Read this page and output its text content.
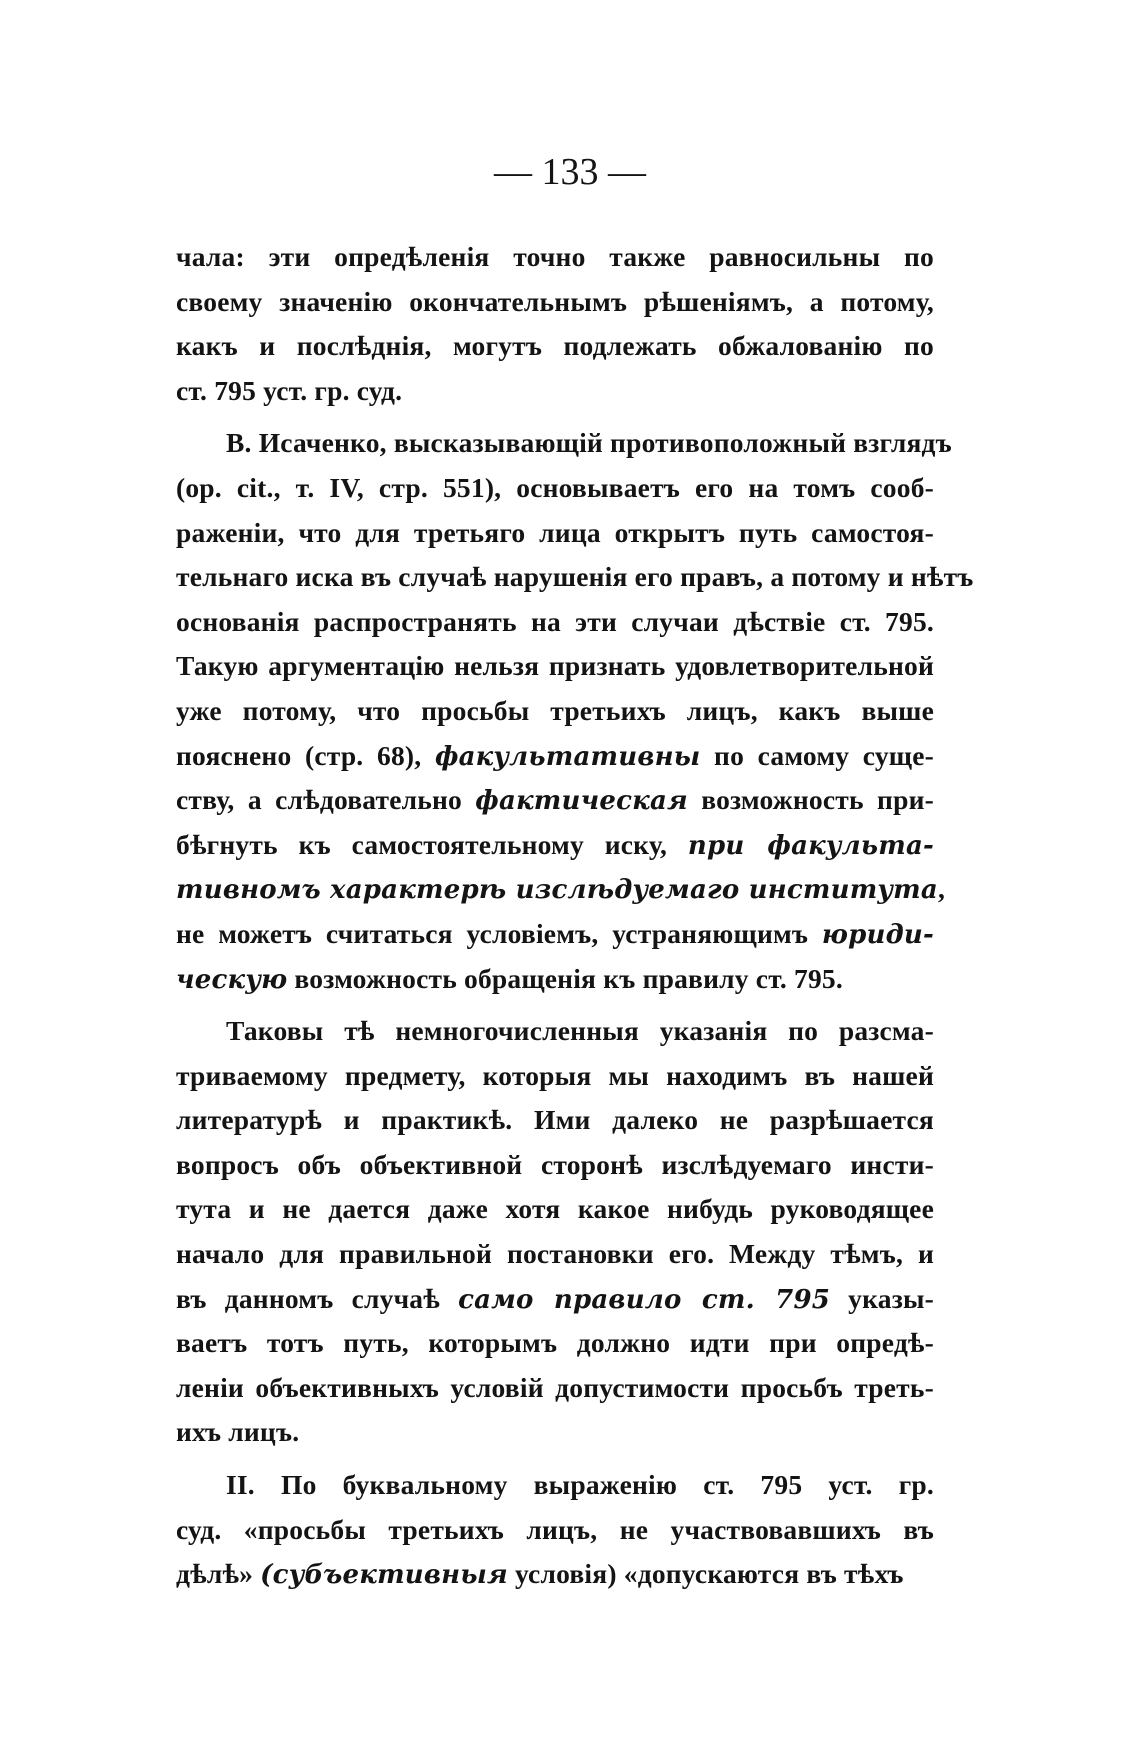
— 133 —
чала: эти опредѣленія точно также равносильны по
своему значенію окончательнымъ рѣшеніямъ, а потому,
какъ и послѣднія, могутъ подлежать обжалованію по
ст. 795 уст. гр. суд.
В. Исаченко, высказывающій противоположный взглядъ
(op. cit., т. IV, стр. 551), основываетъ его на томъ сооб-
раженіи, что для третьяго лица открытъ путь самостоя-
тельнаго иска въ случаѣ нарушенія его правъ, а потому и нѣтъ
основанія распространять на эти случаи дѣствіе ст. 795.
Такую аргументацію нельзя признать удовлетворительной
уже потому, что просьбы третьихъ лицъ, какъ выше
пояснено (стр. 68), факультативны по самому суще-
ству, а слѣдовательно фактическая возможность при-
бѣгнуть къ самостоятельному иску, при факульта-
тивномъ характерѣ изслѣдуемаго института,
не можетъ считаться условіемъ, устраняющимъ юриди-
ческую возможность обращенія къ правилу ст. 795.
Таковы тѣ немногочисленныя указанія по разсма-
триваемому предмету, которыя мы находимъ въ нашей
литературѣ и практикѣ. Ими далеко не разрѣшается
вопросъ объ объективной сторонѣ изслѣдуемаго инсти-
тута и не дается даже хотя какое нибудь руководящее
начало для правильной постановки его. Между тѣмъ, и
въ данномъ случаѣ само правило ст. 795 указы-
ваетъ тотъ путь, которымъ должно идти при опредѣ-
леніи объективныхъ условій допустимости просьбъ треть-
ихъ лицъ.
II. По буквальному выраженію ст. 795 уст. гр.
суд. «просьбы третьихъ лицъ, не участвовавшихъ въ
дѣлѣ» (субъективныя условія) «допускаются въ тѣхъ
